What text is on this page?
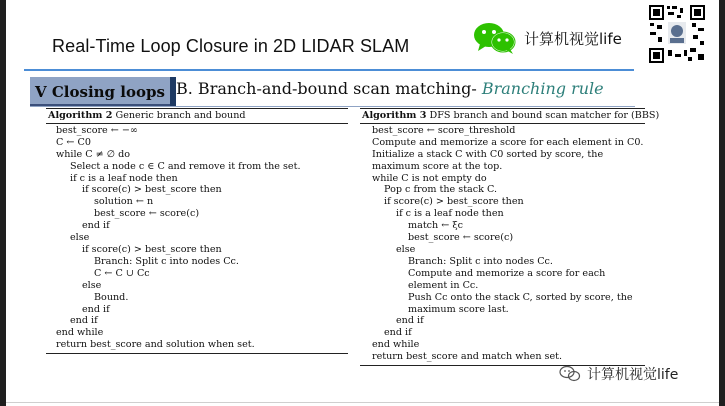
Real-Time Loop Closure in 2D LIDAR SLAM	计算机视觉life
V Closing loops B. Branch-and-bound scan matching- Branching rule
Algorithm 2 Generic branch and bound
best_score ← −∞
C ← C0
while C ≠ ∅ do
Select a node c ∈ C and remove it from the set.
if c is a leaf node then
if score(c) > best_score then
solution ← n
best_score ← score(c)
end if
else
if score(c) > best_score then
Branch: Split c into nodes Cc.
C ← C ∪ Cc
else
Bound.
end if
end if
end while
return best_score and solution when set.
Algorithm 3 DFS branch and bound scan matcher for (BBS)
best_score ← score_threshold
Compute and memorize a score for each element in C0.
Initialize a stack C with C0 sorted by score, the maximum score at the top.
while C is not empty do
Pop c from the stack C.
if score(c) > best_score then
if c is a leaf node then
match ← ξc
best_score ← score(c)
else
Branch: Split c into nodes Cc.
Compute and memorize a score for each element in Cc.
Push Cc onto the stack C, sorted by score, the maximum score last.
end if
end if
end while
return best_score and match when set.
计算机视觉life
